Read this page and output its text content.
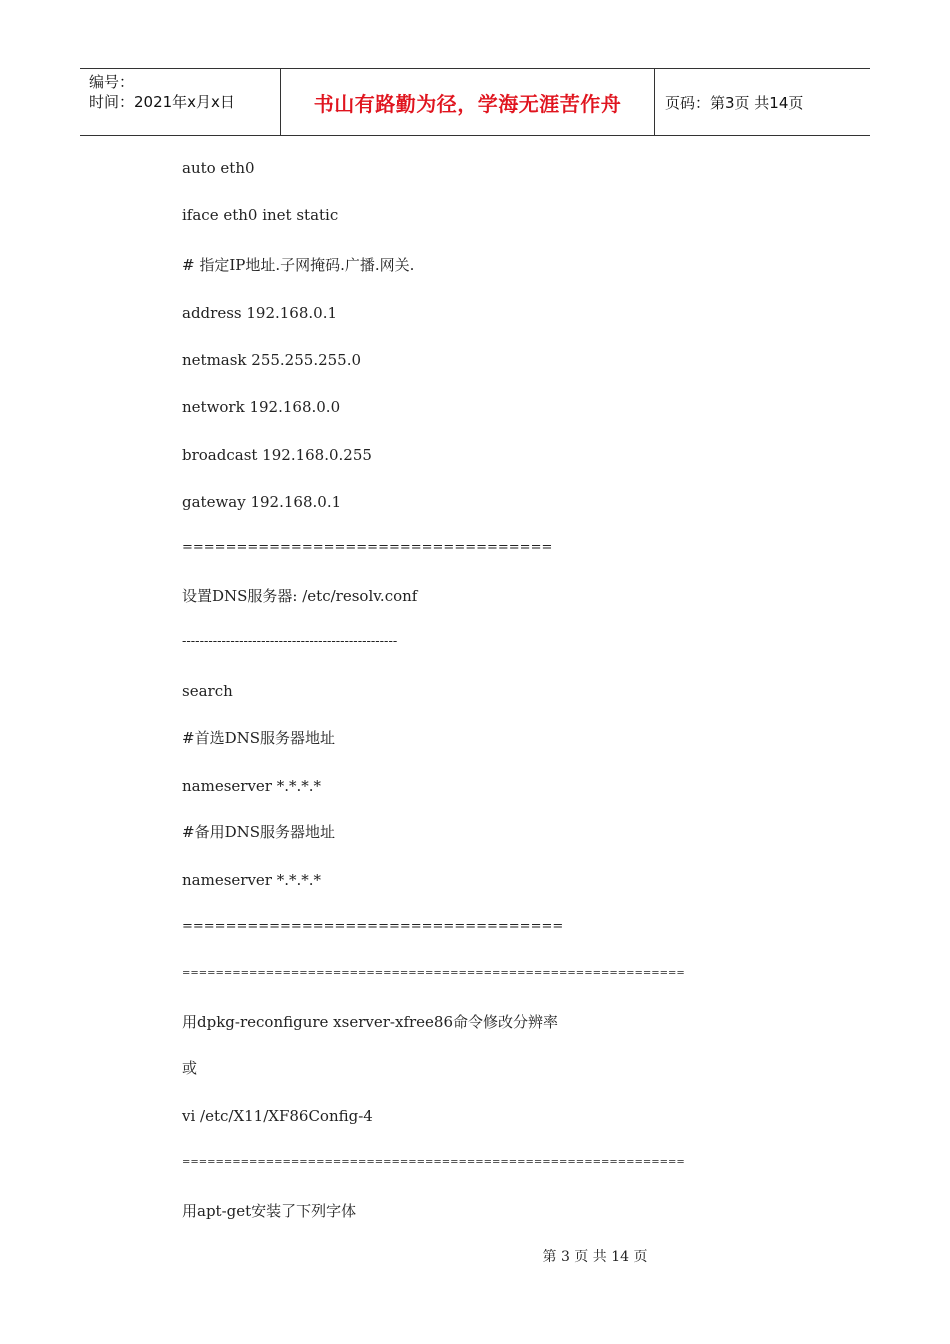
编号：
时间：2021年x月x日	书山有路勤为径，学海无涯苦作舟	页码：第3页 共14页
auto eth0
iface eth0 inet static
# 指定IP地址.子网掩码.广播.网关.
address 192.168.0.1
netmask 255.255.255.0
network 192.168.0.0
broadcast 192.168.0.255
gateway 192.168.0.1
==================================
设置DNS服务器: /etc/resolv.conf
-------------------------------------------------
search
#首选DNS服务器地址
nameserver *.*.*.*
#备用DNS服务器地址
nameserver *.*.*.*
===================================
============================================================
用dpkg-reconfigure xserver-xfree86命令修改分辨率
或
vi /etc/X11/XF86Config-4
============================================================
用apt-get安装了下列字体
第 3 页 共 14 页
